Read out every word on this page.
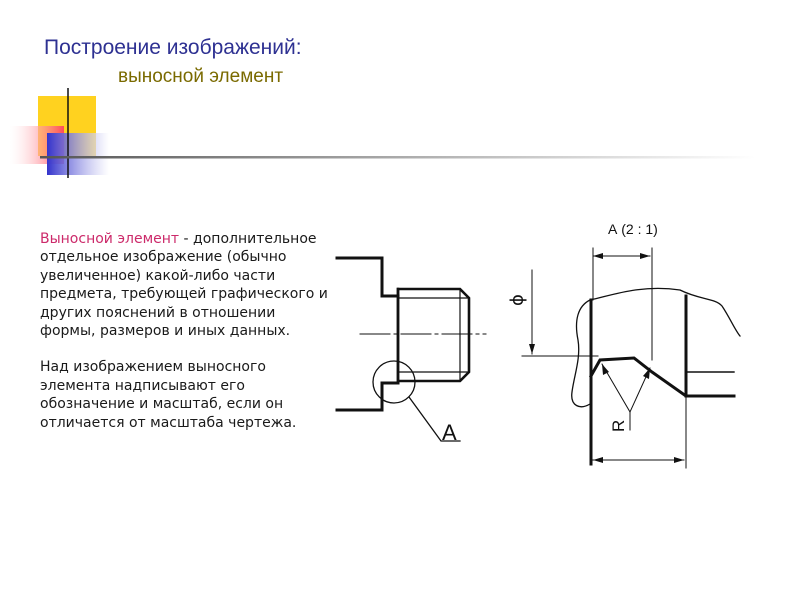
Построение изображений:
выносной элемент

Выносной элемент - дополнительное отдельное изображение (обычно увеличенное) какой-либо части предмета, требующей графического и других пояснений в отношении формы, размеров и иных данных.

Над изображением выносного элемента надписывают его обозначение и масштаб, если он отличается от масштаба чертежа.	А
А (2 : 1)
ϕ
R
